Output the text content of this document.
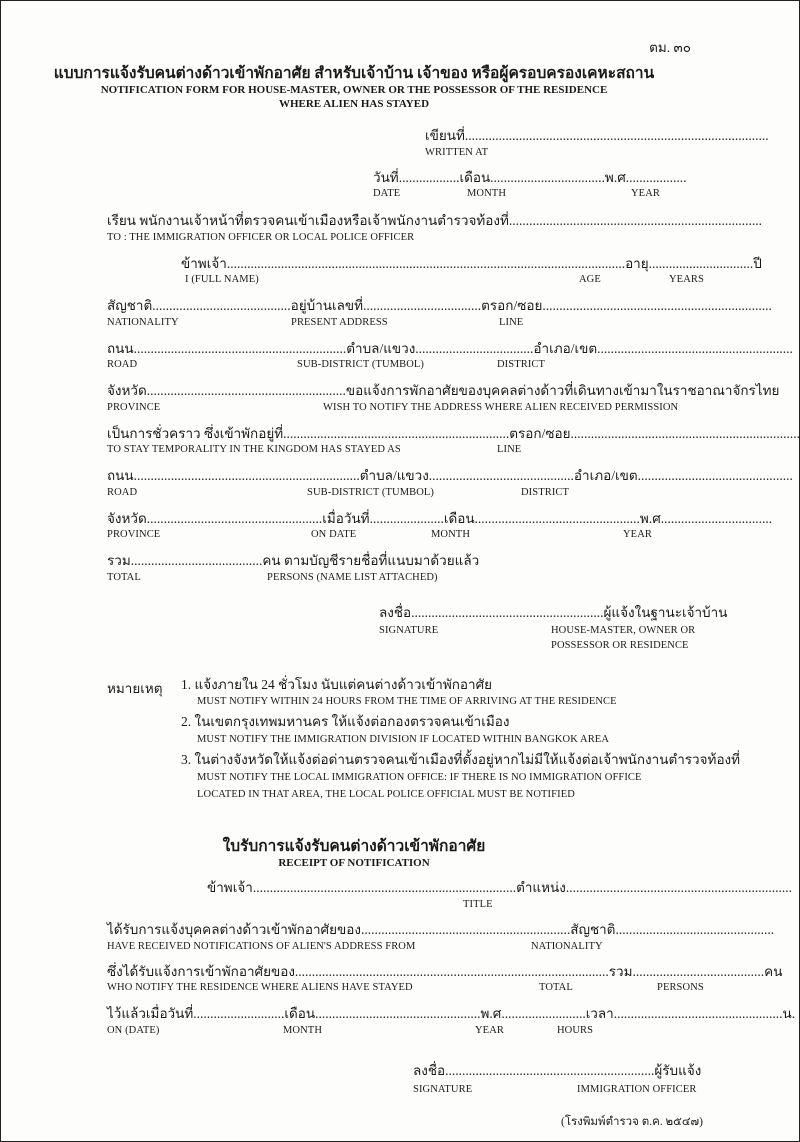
ตม. ๓๐
แบบการแจ้งรับคนต่างด้าวเข้าพักอาศัย สำหรับเจ้าบ้าน เจ้าของ หรือผู้ครอบครองเคหะสถาน
NOTIFICATION FORM FOR HOUSE-MASTER, OWNER OR THE POSSESSOR OF THE RESIDENCE
WHERE ALIEN HAS STAYED
เขียนที่..........................................................................................
WRITTEN AT
วันที่..................เดือน..................................พ.ศ..................
DATE	MONTH	YEAR
เรียน พนักงานเจ้าหน้าที่ตรวจคนเข้าเมืองหรือเจ้าพนักงานตำรวจท้องที่...........................................................................
TO : THE IMMIGRATION OFFICER OR LOCAL POLICE OFFICER
ข้าพเจ้า......................................................................................................................อายุ...............................ปี
I (FULL NAME)	AGE	YEARS
สัญชาติ.........................................อยู่บ้านเลขที่...................................ตรอก/ซอย....................................................................
NATIONALITY	PRESENT ADDRESS	LINE
ถนน...............................................................ตำบล/แขวง...................................อำเภอ/เขต..........................................................
ROAD	SUB-DISTRICT (TUMBOL)	DISTRICT
จังหวัด...........................................................ขอแจ้งการพักอาศัยของบุคคลต่างด้าวที่เดินทางเข้ามาในราชอาณาจักรไทย
PROVINCE	WISH TO NOTIFY THE ADDRESS WHERE ALIEN RECEIVED PERMISSION
เป็นการชั่วคราว ซึ่งเข้าพักอยู่ที่...................................................................ตรอก/ซอย....................................................................
TO STAY TEMPORALITY IN THE KINGDOM HAS STAYED AS	LINE
ถนน...................................................................ตำบล/แขวง...........................................อำเภอ/เขต..............................................
ROAD	SUB-DISTRICT (TUMBOL)	DISTRICT
จังหวัด....................................................เมื่อวันที่......................เดือน.................................................พ.ศ.................................
PROVINCE	ON DATE	MONTH	YEAR
รวม.......................................คน ตามบัญชีรายชื่อที่แนบมาด้วยแล้ว
TOTAL	PERSONS (NAME LIST ATTACHED)
ลงชื่อ.........................................................ผู้แจ้งในฐานะเจ้าบ้าน
SIGNATURE	HOUSE-MASTER, OWNER OR
POSSESSOR OR RESIDENCE
หมายเหตุ 1. แจ้งภายใน 24 ชั่วโมง นับแต่คนต่างด้าวเข้าพักอาศัย
MUST NOTIFY WITHIN 24 HOURS FROM THE TIME OF ARRIVING AT THE RESIDENCE
2. ในเขตกรุงเทพมหานคร ให้แจ้งต่อกองตรวจคนเข้าเมือง
MUST NOTIFY THE IMMIGRATION DIVISION IF LOCATED WITHIN BANGKOK AREA
3. ในต่างจังหวัดให้แจ้งต่อด่านตรวจคนเข้าเมืองที่ตั้งอยู่หากไม่มีให้แจ้งต่อเจ้าพนักงานตำรวจท้องที่
MUST NOTIFY THE LOCAL IMMIGRATION OFFICE: IF THERE IS NO IMMIGRATION OFFICE
LOCATED IN THAT AREA, THE LOCAL POLICE OFFICIAL MUST BE NOTIFIED
ใบรับการแจ้งรับคนต่างด้าวเข้าพักอาศัย
RECEIPT OF NOTIFICATION
ข้าพเจ้า..............................................................................ตำแหน่ง...................................................................
TITLE
ได้รับการแจ้งบุคคลต่างด้าวเข้าพักอาศัยของ..............................................................สัญชาติ...............................................
HAVE RECEIVED NOTIFICATIONS OF ALIEN'S ADDRESS FROM	NATIONALITY
ซึ่งได้รับแจ้งการเข้าพักอาศัยของ.............................................................................................รวม.......................................คน
WHO NOTIFY THE RESIDENCE WHERE ALIENS HAVE STAYED	TOTAL	PERSONS
ไว้แล้วเมื่อวันที่...........................เดือน.................................................พ.ศ.........................เวลา..................................................น.
ON (DATE)	MONTH	YEAR	HOURS
ลงชื่อ..............................................................ผู้รับแจ้ง
SIGNATURE	IMMIGRATION OFFICER
(โรงพิมพ์ตำรวจ ต.ค. ๒๕๔๗)
